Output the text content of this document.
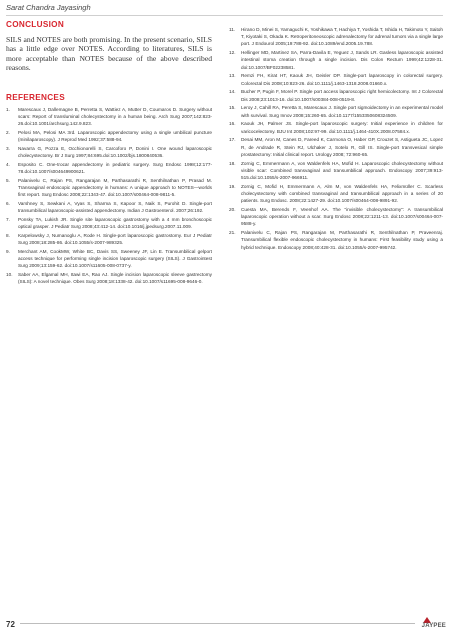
Sarat Chandra Jayasingh
CONCLUSION

SILS and NOTES are both promising. In the present scenario, SILS has a little edge over NOTES. According to literatures, SILS is more acceptable than NOTES because of the above described reasons.

REFERENCES
1. Marescaux J, Dallemagne B, Perretta S, Wattiez A, Mutter D, Coumaros D. Surgery without scars: Report of transluminal cholecystectomy in a human being. Arch Surg 2007;142:823-26.doi:10.1001/archsurg.142.9.823.
2. Pelosi MA, Pelosi MA 3rd. Laparoscopic appendectomy using a single umbilical puncture (minilaparoscopy). J Reprod Med 1992;37:588-94.
3. Navarra G, Pozza E, Occhionorelli S, Carcoforo P, Donini I. One wound laparoscopic cholecystectomy. Br J Surg 1997;84:695.doi:10.1002/bjs.1800840536.
4. Esposito C. One-trocar appendectomy in pediatric surgery. Surg Endosc 1998;12:177-78.doi:10.1007/s004649900621.
5. Palanivelu C, Rajan PS, Rangarajan M, Parthasarathi R, Senthilnathan P, Prasad M. Transvaginal endoscopic appendectomy in humans: A unique approach to NOTES—worlds first report. Surg Endosc 2008;22:1343-47. doi:10.1007/s00464-008-9811-5.
6. Varshney S, Sewkani A, Vyas S, Sharma S, Kapoor S, Naik S, Purohit D. Single-port transumbilical laparoscopic-assisted appendectomy. Indian J Gastroenterol. 2007;26:192.
7. Ponsky TA, Lukish JR. Single site laparoscopic gastrostomy with a 4 mm bronchoscopic optical grasper. J Pediatr Surg 2008;43:412-14. doi:10.1016/j.jpedsurg.2007.11.009.
8. Karpelowsky J, Numanoglu A, Rode H. Single-port laparoscopic gastrostomy. Eur J Pediatr Surg 2008;18:285-86. doi:10.1055/s-2007-989325.
9. Merchant AM, CookMW, White BC, Davis SS, Sweeney JF, Lin E. Transumbilical gelport access technique for performing single incision laparoscopic surgery (SILS). J Gastrointest Surg 2009;13:159-62. doi:10.1007/s11605-008-0737-y.
10. Saber AA, Elgamal MH, Itawi EA, Rao AJ. Single incision laparoscopic sleeve gastrectomy (SILS): A novel technique. Obes Surg 2008;18:1338-42. doi:10.1007/s11695-008-9646-0.
11. Hirano D, Minei S, Yamaguchi K, Yoshikawa T, Hachiya T, Yoshida T, Ishida H, Takimoto Y, Saitoh T, Kiyotaki S, Okada K. Retroperitoneoscopic adrenalectomy for adrenal tumors via a single large port. J Endourol 2005;19:788-92. doi:10.1089/end.2005.19.788.
12. Hellinger MD, Martinez SA, Parra-Davila E, Yeguez J, Sands LR. Gasless laparoscopic assisted intestinal stoma creation through a single incision. Dis Colon Rectum 1999;42:1228-31. doi:10.1007/BF02238581.
13. Remzi FH, Kirat HT, Kaouk JH, Geisler DP. Single-port laparoscopy in colorectal surgery. Colorectal Dis 2008;10:823-26. doi:10.1111/j.1463-1318.2008.01660.x.
14. Bucher P, Pugin F, Morel P. Single port access laparoscopic right hemicolectomy. Int J Colorectal Dis 2008;23:1013-16. doi:10.1007/s00384-008-0519-8.
15. Leroy J, Cahill RA, Peretta S, Marescaux J. Single port sigmoidectomy in an experimental model with survival. Surg Innov 2008;15:260-65. doi:10.1177/1553350608324509.
16. Kaouk JH, Palmer JS. Single-port laparoscopic surgery: Initial experience in children for varicocelectomy. BJU Int 2008;102:97-99. doi:10.1111/j.1464-410X.2008.07584.x.
17. Desai MM, Aron M, Canes D, Fareed K, Carmona O, Haber GP, Crouzet S, Astigueta JC, Lopez R, de Andrade R, Stein RJ, Ulchaker J, Sotelo R, Gill IS. Single-port transvesical simple prostatectomy: Initial clinical report. Urology 2008; 72:960-65.
18. Zornig C, Emmermann A, von Waldenfels HA, Mofid H. Laparoscopic cholecystectomy without visible scar: Combined transvaginal and transumbilical approach. Endoscopy 2007;39:913-515.doi:10.1055/s-2007-966911.
19. Zornig C, Mofid H, Emmermann A, Alm M, von Waldenfels HA, Felixmüller C. Scarless cholecystectomy with combined transvaginal and transumbilical approach in a series of 20 patients. Surg Endosc. 2008;22:1427-29. doi:10.1007/s00464-008-9891-92.
20. Cuesta MA, Berends F, Veenhof AA. The “invisible cholecystectomy”: A transumbilical laparoscopic operation without a scar. Surg Endosc 2008;22:1211-13. doi:10.1007/s00464-007-9588-y.
21. Palanivelu C, Rajan PS, Rangarajan M, Parthasarathi R, Senthilnathan P, Praveenraj. Transumbilical flexible endoscopic cholecystectomy in humans: First feasibility study using a hybrid technique. Endoscopy 2008;40:428-31. doi:10.1055/s-2007-995742.
72	JAYPEE
